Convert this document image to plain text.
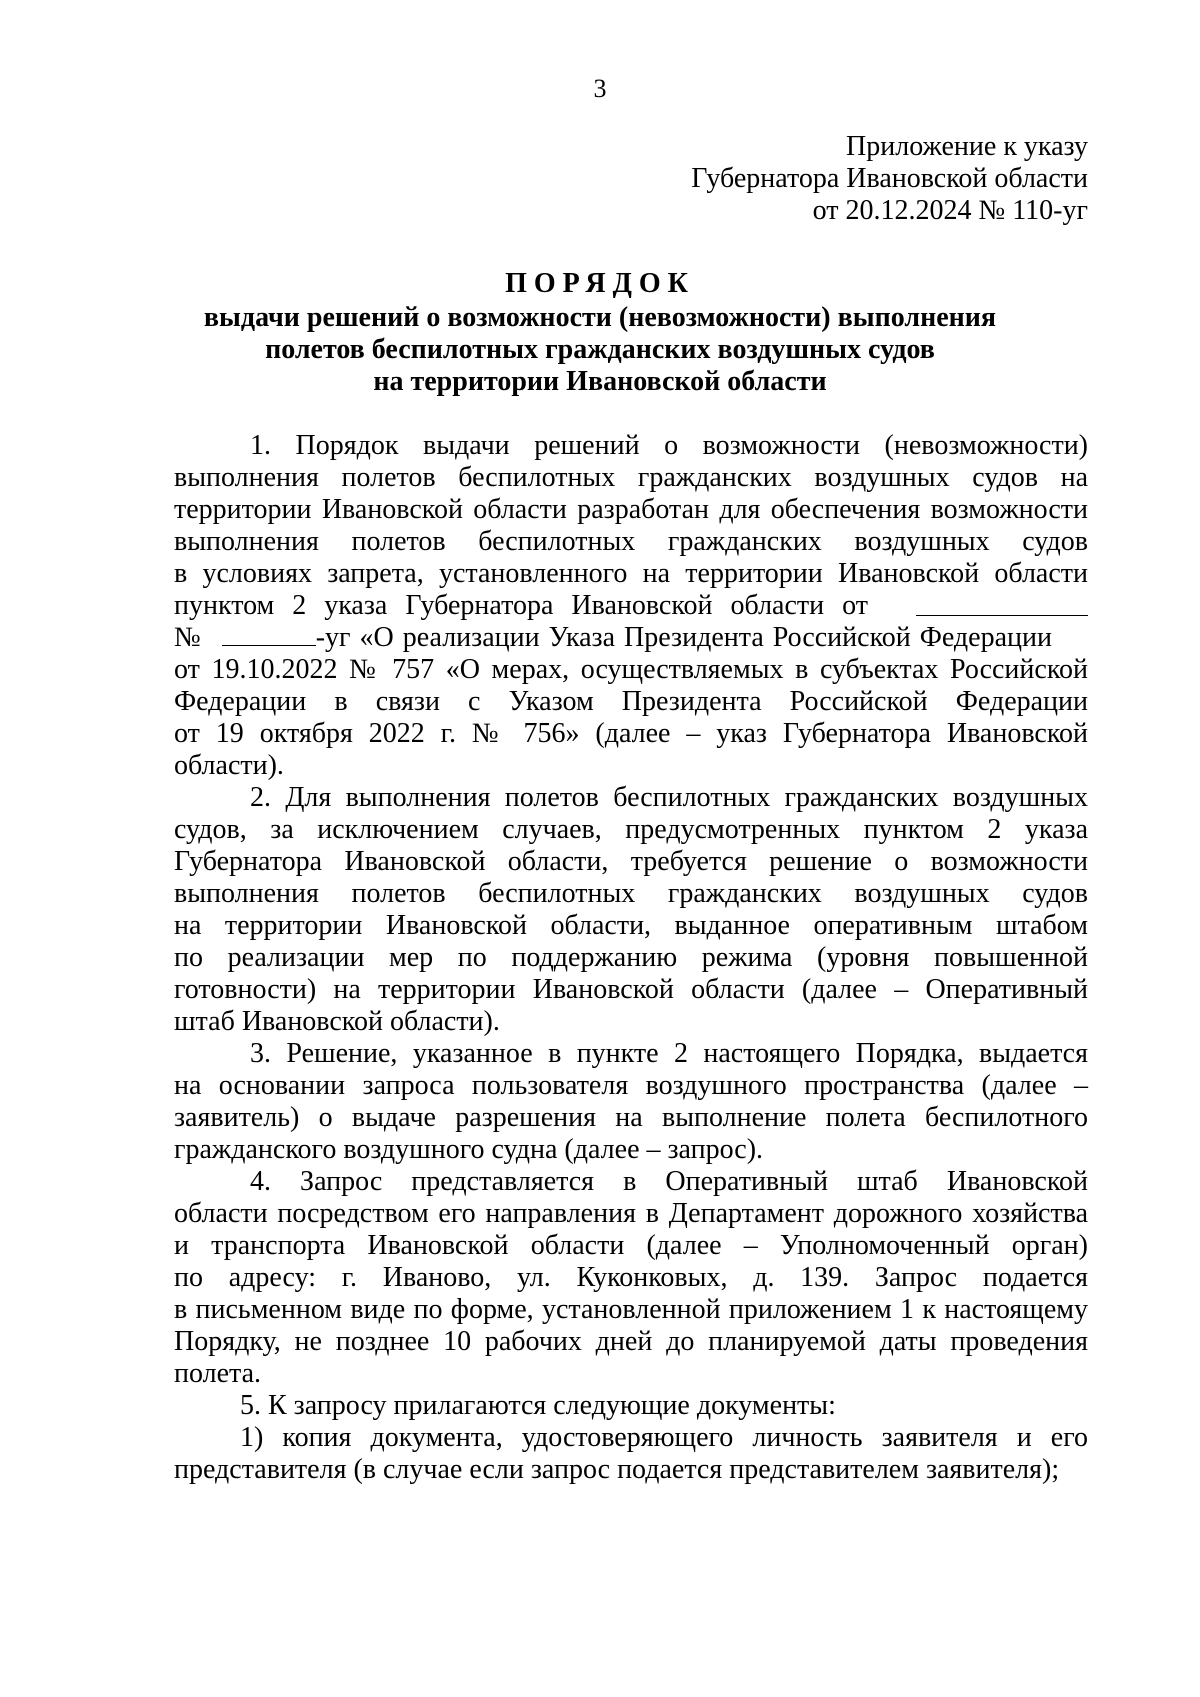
3
Приложение к указу
Губернатора Ивановской области
от 20.12.2024 № 110-уг
ПОРЯДОК
выдачи решений о возможности (невозможности) выполнения
полетов беспилотных гражданских воздушных судов
на территории Ивановской области
1. Порядок выдачи решений о возможности (невозможности)
выполнения полетов беспилотных гражданских воздушных судов на
территории Ивановской области разработан для обеспечения возможности
выполнения полетов беспилотных гражданских воздушных судов
в условиях запрета, установленного на территории Ивановской области
пунктом 2 указа Губернатора Ивановской области от
№	-уг «О реализации Указа Президента Российской Федерации
от 19.10.2022 № 757 «О мерах, осуществляемых в субъектах Российской
Федерации в связи с Указом Президента Российской Федерации
от 19 октября 2022 г. № 756» (далее – указ Губернатора Ивановской
области).
2. Для выполнения полетов беспилотных гражданских воздушных
судов, за исключением случаев, предусмотренных пунктом 2 указа
Губернатора Ивановской области, требуется решение о возможности
выполнения полетов беспилотных гражданских воздушных судов
на территории Ивановской области, выданное оперативным штабом
по реализации мер по поддержанию режима (уровня повышенной
готовности) на территории Ивановской области (далее – Оперативный
штаб Ивановской области).
3. Решение, указанное в пункте 2 настоящего Порядка, выдается
на основании запроса пользователя воздушного пространства (далее –
заявитель) о выдаче разрешения на выполнение полета беспилотного
гражданского воздушного судна (далее – запрос).
4. Запрос представляется в Оперативный штаб Ивановской
области посредством его направления в Департамент дорожного хозяйства
и транспорта Ивановской области (далее – Уполномоченный орган)
по адресу: г. Иваново, ул. Куконковых, д. 139. Запрос подается
в письменном виде по форме, установленной приложением 1 к настоящему
Порядку, не позднее 10 рабочих дней до планируемой даты проведения
полета.
5. К запросу прилагаются следующие документы:
1) копия документа, удостоверяющего личность заявителя и его
представителя (в случае если запрос подается представителем заявителя);
